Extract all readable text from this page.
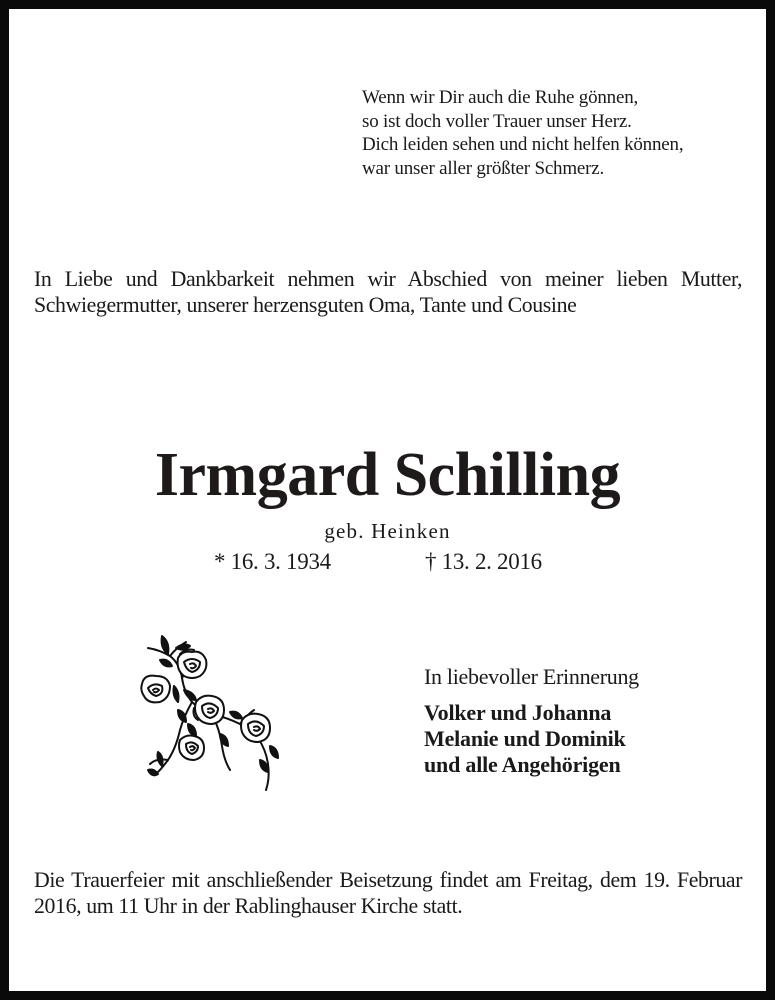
Wenn wir Dir auch die Ruhe gönnen,
so ist doch voller Trauer unser Herz.
Dich leiden sehen und nicht helfen können,
war unser aller größter Schmerz.
In Liebe und Dankbarkeit nehmen wir Abschied von meiner lieben Mutter, Schwiegermutter, unserer herzensguten Oma, Tante und Cousine
Irmgard Schilling
geb. Heinken
* 16. 3. 1934	† 13. 2. 2016
In liebevoller Erinnerung
Volker und Johanna
Melanie und Dominik
und alle Angehörigen
Die Trauerfeier mit anschließender Beisetzung findet am Freitag, dem 19. Februar 2016, um 11 Uhr in der Rablinghauser Kirche statt.
